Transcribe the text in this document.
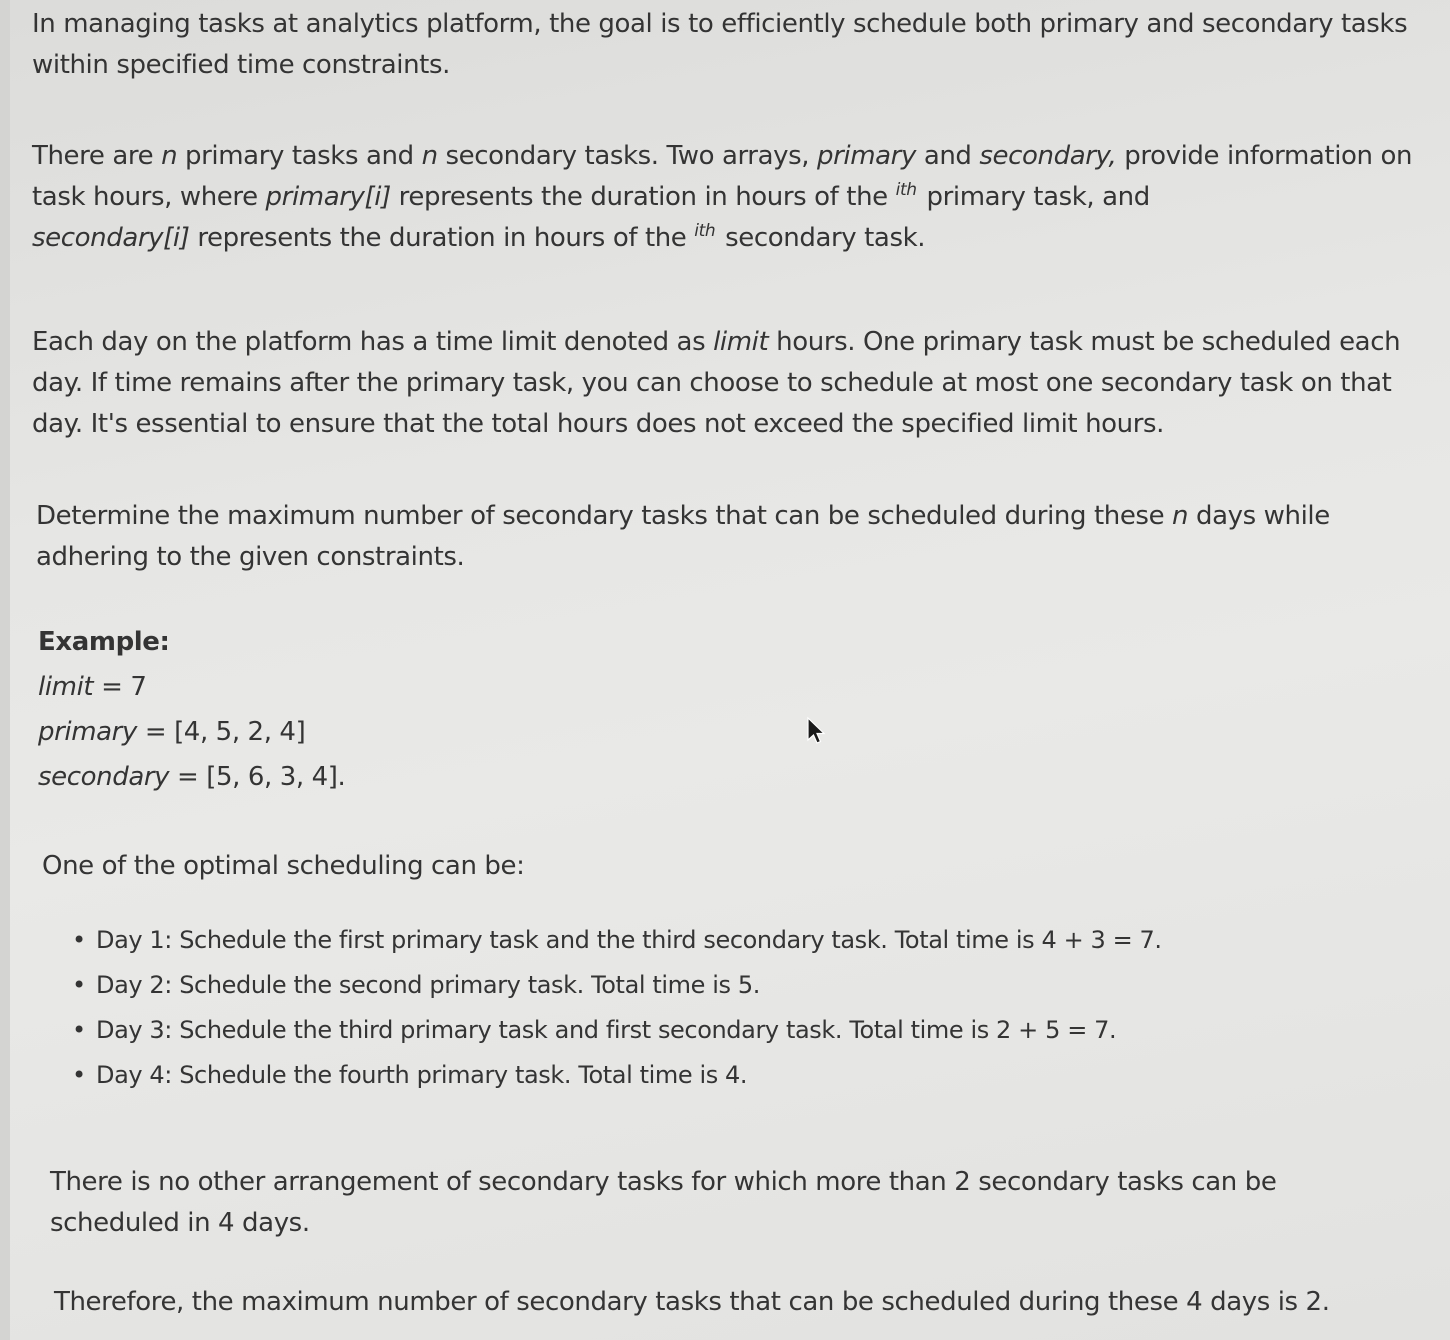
In managing tasks at analytics platform, the goal is to efficiently schedule both primary and secondary tasks within specified time constraints.

There are n primary tasks and n secondary tasks. Two arrays, primary and secondary, provide information on task hours, where primary[i] represents the duration in hours of the $^{ith}$ primary task, and
secondary[i] represents the duration in hours of the $^{ith}$ secondary task.

Each day on the platform has a time limit denoted as limit hours. One primary task must be scheduled each day. If time remains after the primary task, you can choose to schedule at most one secondary task on that day. It's essential to ensure that the total hours does not exceed the specified limit hours.

Determine the maximum number of secondary tasks that can be scheduled during these n days while adhering to the given constraints.

Example:
limit = 7
primary = [4, 5, 2, 4]
secondary = [5, 6, 3, 4].

One of the optimal scheduling can be:

• Day 1: Schedule the first primary task and the third secondary task. Total time is 4 + 3 = 7.
• Day 2: Schedule the second primary task. Total time is 5.
• Day 3: Schedule the third primary task and first secondary task. Total time is 2 + 5 = 7.
• Day 4: Schedule the fourth primary task. Total time is 4.

There is no other arrangement of secondary tasks for which more than 2 secondary tasks can be scheduled in 4 days.

Therefore, the maximum number of secondary tasks that can be scheduled during these 4 days is 2.
